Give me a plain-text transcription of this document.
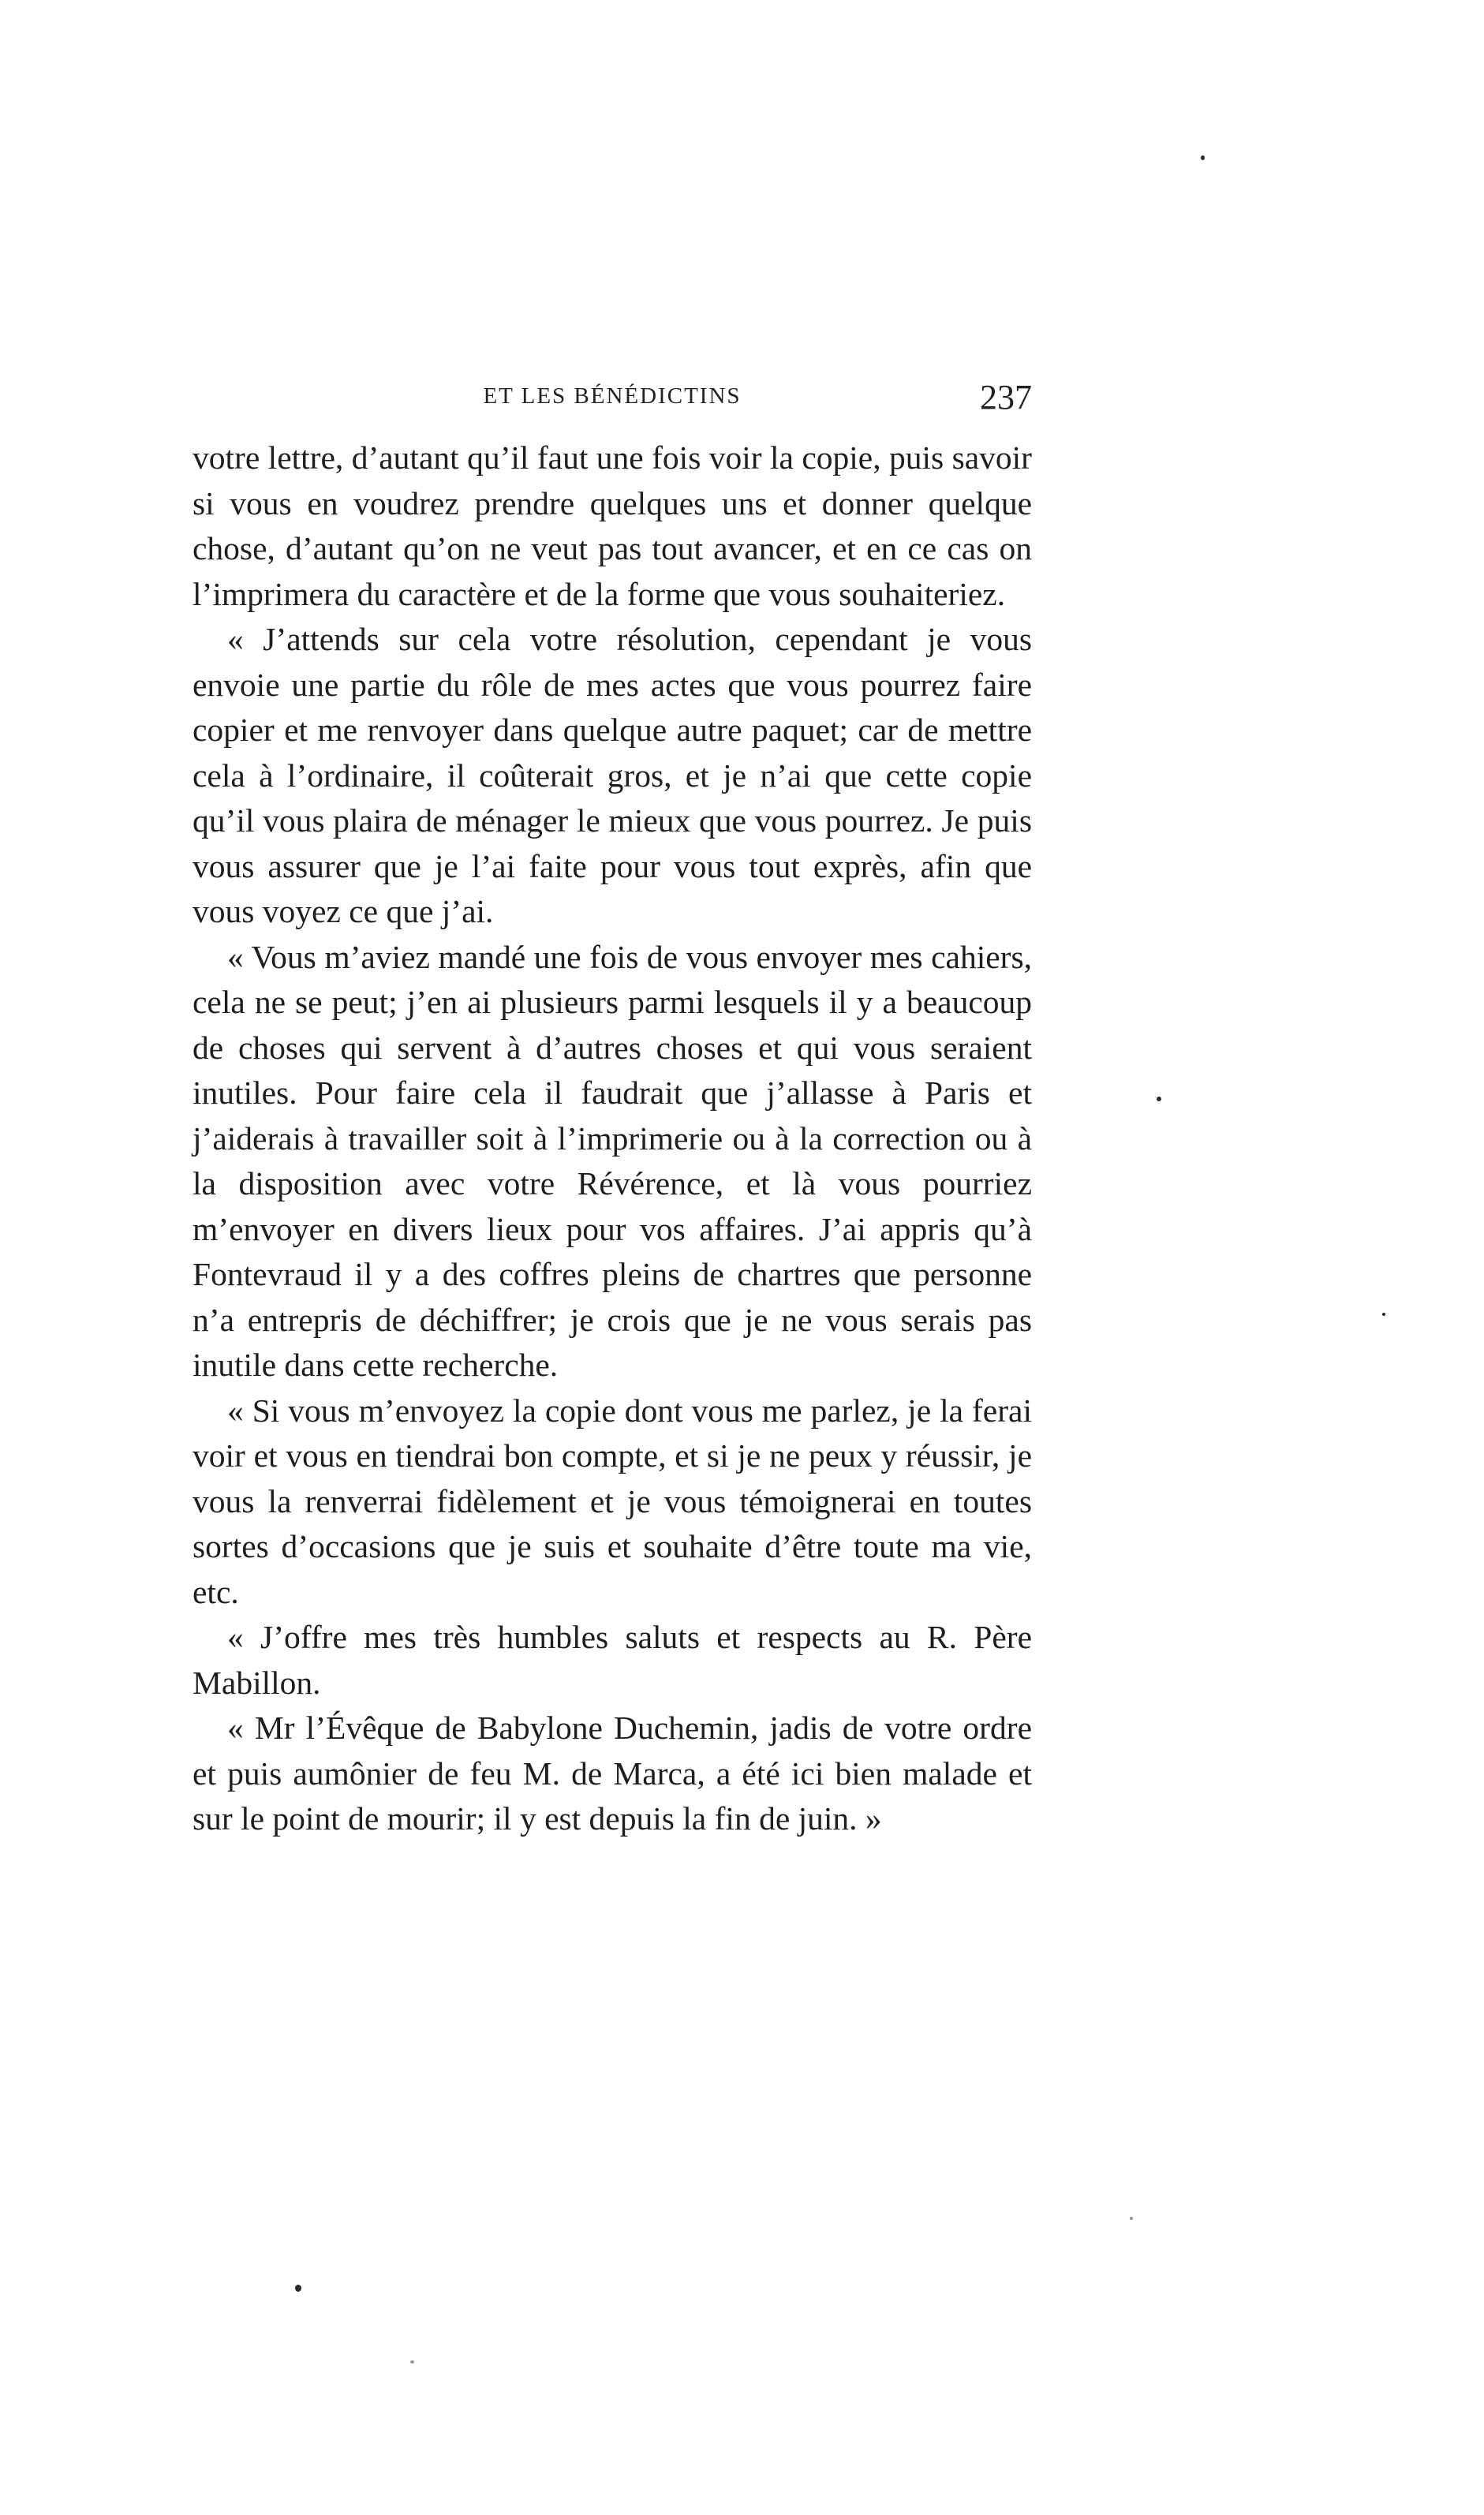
ET LES BÉNÉDICTINS	237

votre lettre, d’autant qu’il faut une fois voir la copie, puis savoir si vous en voudrez prendre quelques uns et donner quelque chose, d’autant qu’on ne veut pas tout avancer, et en ce cas on l’imprimera du caractère et de la forme que vous souhaiteriez.

« J’attends sur cela votre résolution, cependant je vous envoie une partie du rôle de mes actes que vous pourrez faire copier et me renvoyer dans quelque autre paquet; car de mettre cela à l’ordinaire, il coûterait gros, et je n’ai que cette copie qu’il vous plaira de ménager le mieux que vous pourrez. Je puis vous assurer que je l’ai faite pour vous tout exprès, afin que vous voyez ce que j’ai.

« Vous m’aviez mandé une fois de vous envoyer mes cahiers, cela ne se peut; j’en ai plusieurs parmi lesquels il y a beaucoup de choses qui servent à d’autres choses et qui vous seraient inutiles. Pour faire cela il faudrait que j’allasse à Paris et j’aiderais à travailler soit à l’imprimerie ou à la correction ou à la disposition avec votre Révérence, et là vous pourriez m’envoyer en divers lieux pour vos affaires. J’ai appris qu’à Fontevraud il y a des coffres pleins de chartres que personne n’a entrepris de déchiffrer; je crois que je ne vous serais pas inutile dans cette recherche.

« Si vous m’envoyez la copie dont vous me parlez, je la ferai voir et vous en tiendrai bon compte, et si je ne peux y réussir, je vous la renverrai fidèlement et je vous témoignerai en toutes sortes d’occasions que je suis et souhaite d’être toute ma vie, etc.

« J’offre mes très humbles saluts et respects au R. Père Mabillon.

« Mr l’Évêque de Babylone Duchemin, jadis de votre ordre et puis aumônier de feu M. de Marca, a été ici bien malade et sur le point de mourir; il y est depuis la fin de juin. »
